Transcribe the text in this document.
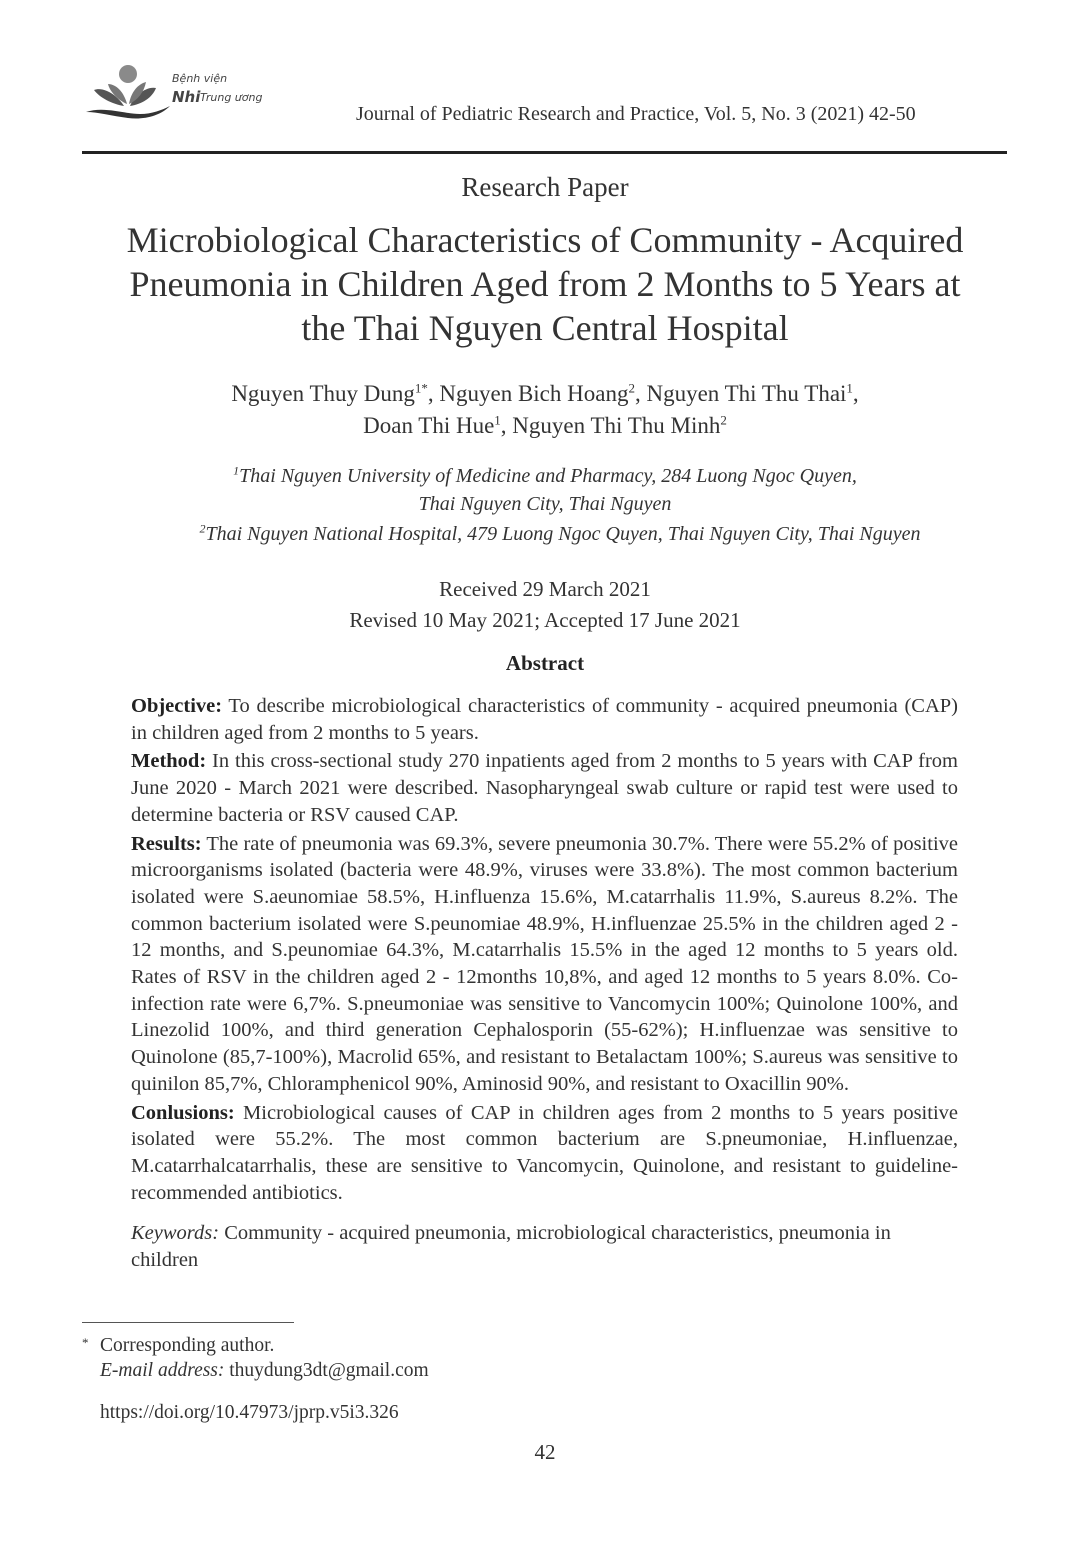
Bệnh viện
Nhi Trung ương
Journal of Pediatric Research and Practice, Vol. 5, No. 3 (2021) 42-50
Research Paper
Microbiological Characteristics of Community - Acquired
Pneumonia in Children Aged from 2 Months to 5 Years at
the Thai Nguyen Central Hospital
Nguyen Thuy Dung$^{1*}$, Nguyen Bich Hoang$^2$, Nguyen Thi Thu Thai$^1$,
Doan Thi Hue$^1$, Nguyen Thi Thu Minh$^2$
$^1$Thai Nguyen University of Medicine and Pharmacy, 284 Luong Ngoc Quyen,
Thai Nguyen City, Thai Nguyen
$^2$Thai Nguyen National Hospital, 479 Luong Ngoc Quyen, Thai Nguyen City, Thai Nguyen
Received 29 March 2021
Revised 10 May 2021; Accepted 17 June 2021
Abstract

Objective: To describe microbiological characteristics of community - acquired pneumonia (CAP) in children aged from 2 months to 5 years.

Method: In this cross-sectional study 270 inpatients aged from 2 months to 5 years with CAP from June 2020 - March 2021 were described. Nasopharyngeal swab culture or rapid test were used to determine bacteria or RSV caused CAP.

Results: The rate of pneumonia was 69.3%, severe pneumonia 30.7%. There were 55.2% of positive microorganisms isolated (bacteria were 48.9%, viruses were 33.8%). The most common bacterium isolated were S.aeunomiae 58.5%, H.influenza 15.6%, M.catarrhalis 11.9%, S.aureus 8.2%. The common bacterium isolated were S.peunomiae 48.9%, H.influenzae 25.5% in the children aged 2 - 12 months, and S.peunomiae 64.3%, M.catarrhalis 15.5% in the aged 12 months to 5 years old. Rates of RSV in the children aged 2 - 12months 10,8%, and aged 12 months to 5 years 8.0%. Co-infection rate were 6,7%. S.pneumoniae was sensitive to Vancomycin 100%; Quinolone 100%, and Linezolid 100%, and third generation Cephalosporin (55-62%); H.influenzae was sensitive to Quinolone (85,7-100%), Macrolid 65%, and resistant to Betalactam 100%; S.aureus was sensitive to quinilon 85,7%, Chloramphenicol 90%, Aminosid 90%, and resistant to Oxacillin 90%.

Conlusions: Microbiological causes of CAP in children ages from 2 months to 5 years positive isolated were 55.2%. The most common bacterium are S.pneumoniae, H.influenzae, M.catarrhalcatarrhalis, these are sensitive to Vancomycin, Quinolone, and resistant to guideline-recommended antibiotics.

Keywords: Community - acquired pneumonia, microbiological characteristics, pneumonia in children

* Corresponding author.
E-mail address: thuydung3dt@gmail.com
https://doi.org/10.47973/jprp.v5i3.326
42
